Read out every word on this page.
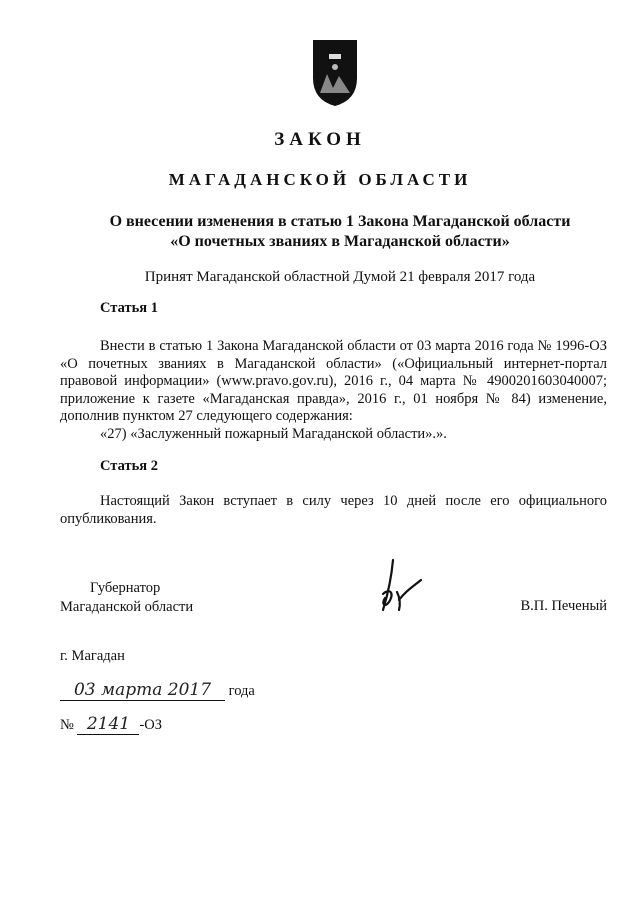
ЗАКОН
МАГАДАНСКОЙ ОБЛАСТИ
О внесении изменения в статью 1 Закона Магаданской области
«О почетных званиях в Магаданской области»
Принят Магаданской областной Думой 21 февраля 2017 года
Статья 1
Внести в статью 1 Закона Магаданской области от 03 марта 2016 года № 1996-ОЗ «О почетных званиях в Магаданской области» («Официальный интернет-портал правовой информации» (www.pravo.gov.ru), 2016 г., 04 марта № 4900201603040007; приложение к газете «Магаданская правда», 2016 г., 01 ноября № 84) изменение, дополнив пунктом 27 следующего содержания:
«27) «Заслуженный пожарный Магаданской области».».
Статья 2
Настоящий Закон вступает в силу через 10 дней после его официального опубликования.
Губернатор
Магаданской области	В.П. Печеный
г. Магадан
03 марта 2017 года
№ 2141 -ОЗ
